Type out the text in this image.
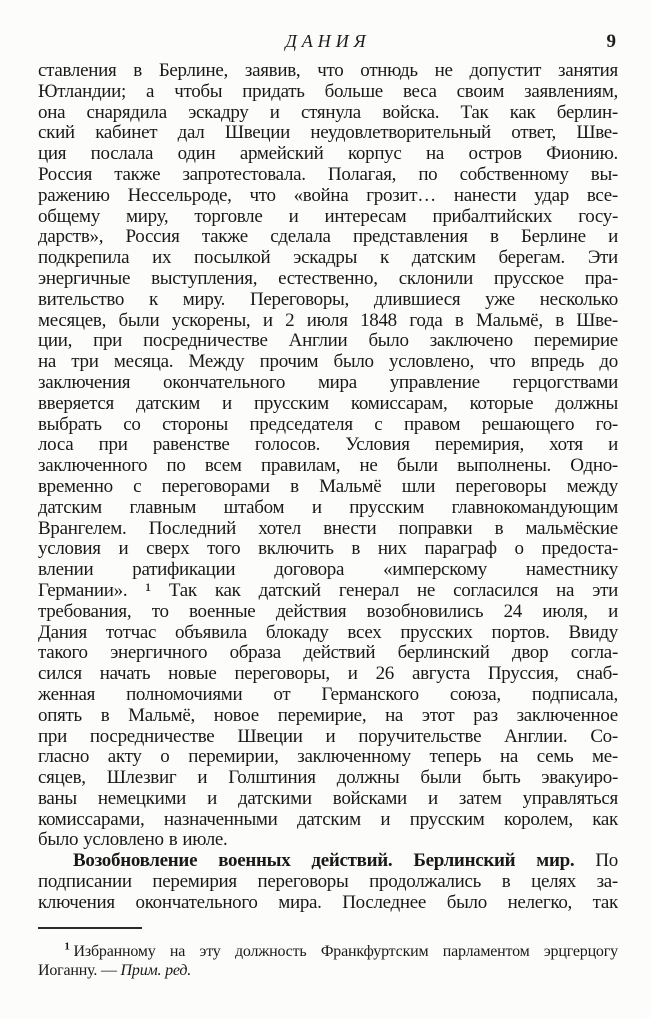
ДАНИЯ	9
ставления в Берлине, заявив, что отнюдь не допустит занятия
Ютландии; а чтобы придать больше веса своим заявлениям,
она снарядила эскадру и стянула войска. Так как берлин-
ский кабинет дал Швеции неудовлетворительный ответ, Шве-
ция послала один армейский корпус на остров Фионию.
Россия также запротестовала. Полагая, по собственному вы-
ражению Нессельроде, что «война грозит… нанести удар все-
общему миру, торговле и интересам прибалтийских госу-
дарств», Россия также сделала представления в Берлине и
подкрепила их посылкой эскадры к датским берегам. Эти
энергичные выступления, естественно, склонили прусское пра-
вительство к миру. Переговоры, длившиеся уже несколько
месяцев, были ускорены, и 2 июля 1848 года в Мальмё, в Шве-
ции, при посредничестве Англии было заключено перемирие
на три месяца. Между прочим было условлено, что впредь до
заключения окончательного мира управление герцогствами
вверяется датским и прусским комиссарам, которые должны
выбрать со стороны председателя с правом решающего го-
лоса при равенстве голосов. Условия перемирия, хотя и
заключенного по всем правилам, не были выполнены. Одно-
временно с переговорами в Мальмё шли переговоры между
датским главным штабом и прусским главнокомандующим
Врангелем. Последний хотел внести поправки в мальмёские
условия и сверх того включить в них параграф о предоста-
влении ратификации договора «имперскому наместнику
Германии». ¹ Так как датский генерал не согласился на эти
требования, то военные действия возобновились 24 июля, и
Дания тотчас объявила блокаду всех прусских портов. Ввиду
такого энергичного образа действий берлинский двор согла-
сился начать новые переговоры, и 26 августа Пруссия, снаб-
женная полномочиями от Германского союза, подписала,
опять в Мальмё, новое перемирие, на этот раз заключенное
при посредничестве Швеции и поручительстве Англии. Со-
гласно акту о перемирии, заключенному теперь на семь ме-
сяцев, Шлезвиг и Голштиния должны были быть эвакуиро-
ваны немецкими и датскими войсками и затем управляться
комиссарами, назначенными датским и прусским королем, как
было условлено в июле.
Возобновление военных действий. Берлинский мир. По
подписании перемирия переговоры продолжались в целях за-
ключения окончательного мира. Последнее было нелегко, так
$^1$ Избранному на эту должность Франкфуртским парламентом эрцгерцогу
Иоганну. — Прим. ред.
